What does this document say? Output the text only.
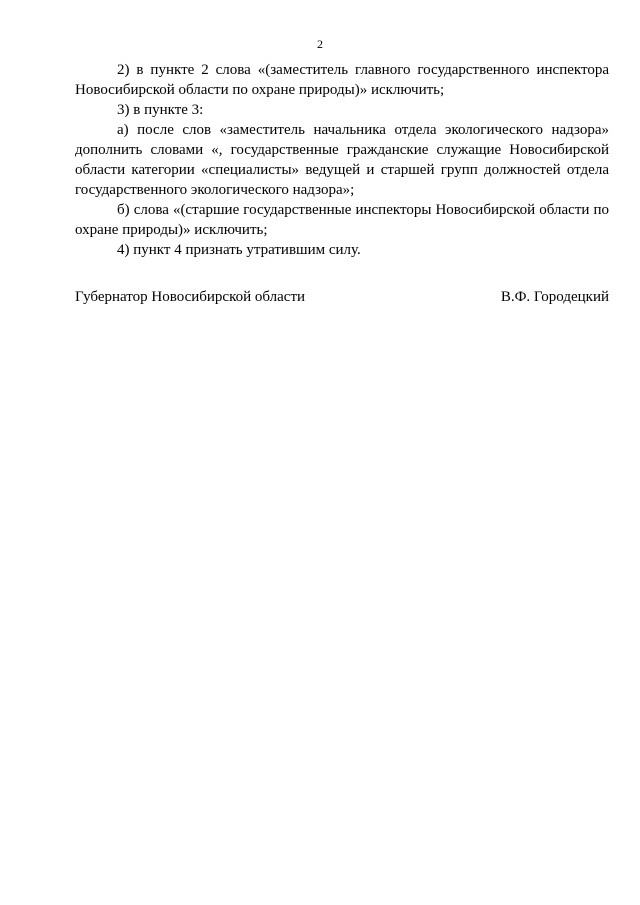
2

2) в пункте 2 слова «(заместитель главного государственного инспектора Новосибирской области по охране природы)» исключить;

3) в пункте 3:

а) после слов «заместитель начальника отдела экологического надзора» дополнить словами «, государственные гражданские служащие Новосибирской области категории «специалисты» ведущей и старшей групп должностей отдела государственного экологического надзора»;

б) слова «(старшие государственные инспекторы Новосибирской области по охране природы)» исключить;

4) пункт 4 признать утратившим силу.

Губернатор Новосибирской области	В.Ф. Городецкий
